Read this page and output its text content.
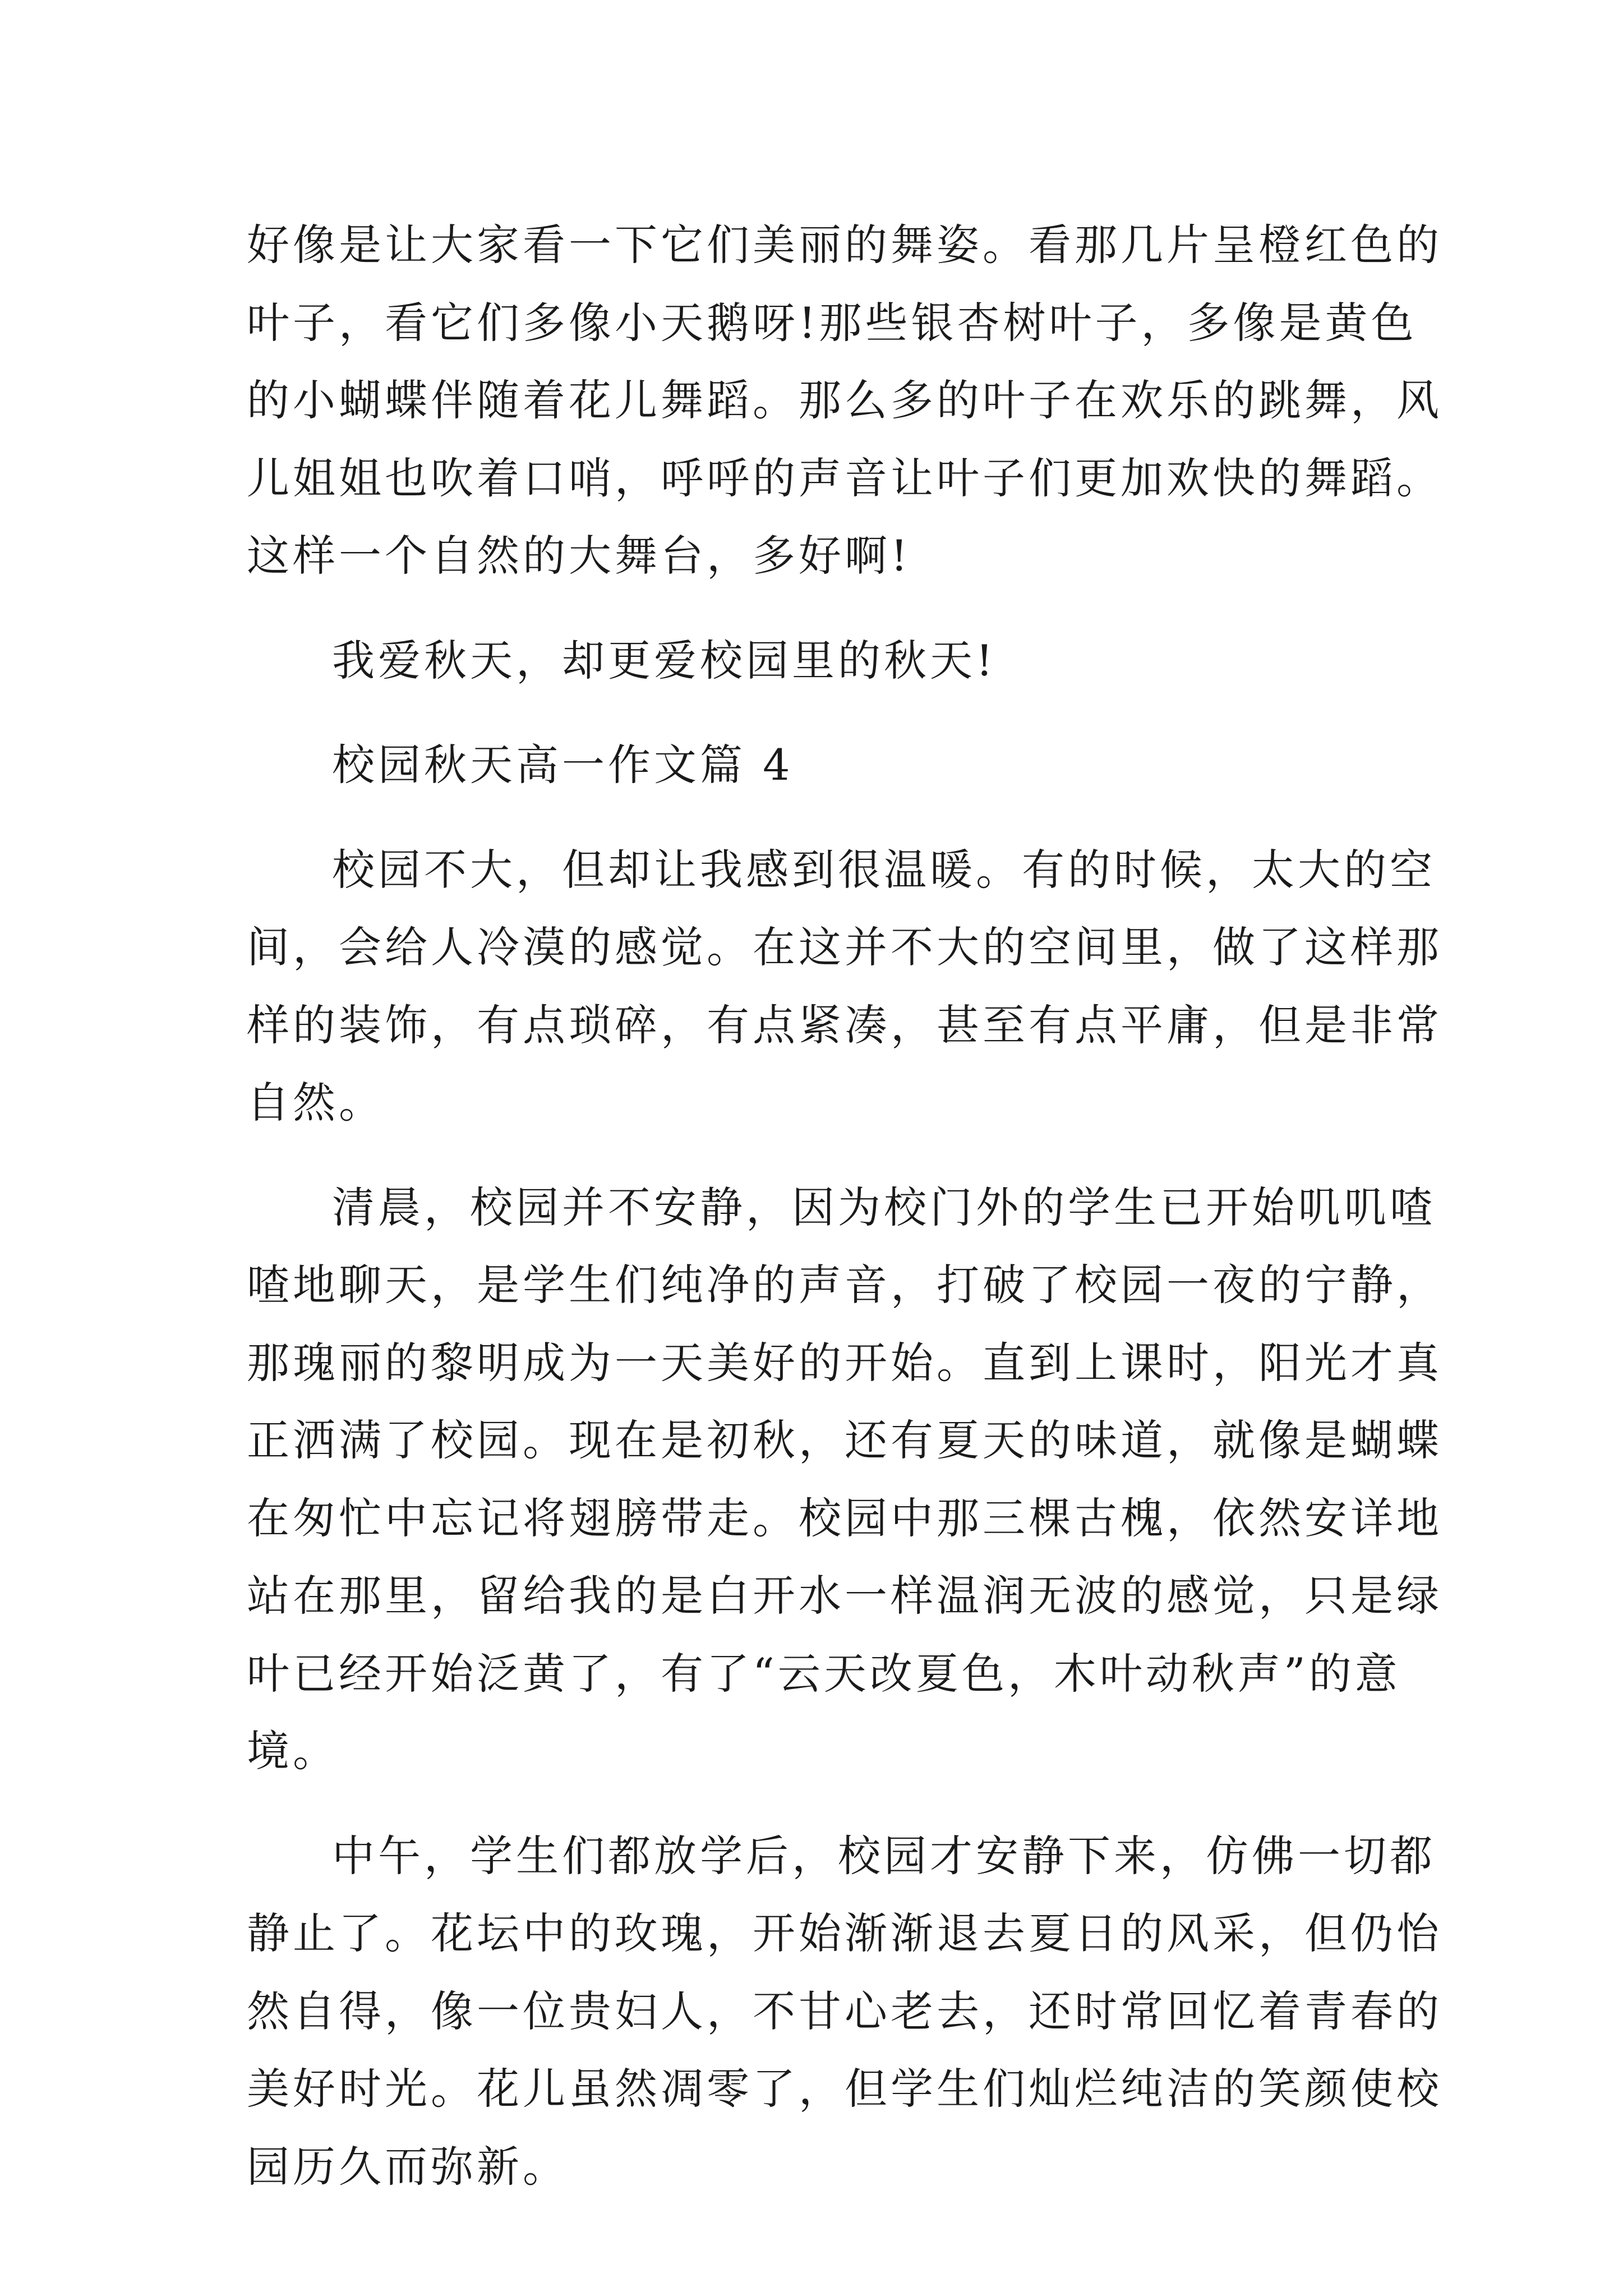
好像是让大家看一下它们美丽的舞姿。看那几片呈橙红色的
叶子，看它们多像小天鹅呀!那些银杏树叶子，多像是黄色
的小蝴蝶伴随着花儿舞蹈。那么多的叶子在欢乐的跳舞，风
儿姐姐也吹着口哨，呼呼的声音让叶子们更加欢快的舞蹈。
这样一个自然的大舞台，多好啊!
我爱秋天，却更爱校园里的秋天!
校园秋天高一作文篇 4
校园不大，但却让我感到很温暖。有的时候，太大的空
间，会给人冷漠的感觉。在这并不大的空间里，做了这样那
样的装饰，有点琐碎，有点紧凑，甚至有点平庸，但是非常
自然。
清晨，校园并不安静，因为校门外的学生已开始叽叽喳
喳地聊天，是学生们纯净的声音，打破了校园一夜的宁静，
那瑰丽的黎明成为一天美好的开始。直到上课时，阳光才真
正洒满了校园。现在是初秋，还有夏天的味道，就像是蝴蝶
在匆忙中忘记将翅膀带走。校园中那三棵古槐，依然安详地
站在那里，留给我的是白开水一样温润无波的感觉，只是绿
叶已经开始泛黄了，有了“云天改夏色，木叶动秋声”的意
境。
中午，学生们都放学后，校园才安静下来，仿佛一切都
静止了。花坛中的玫瑰，开始渐渐退去夏日的风采，但仍怡
然自得，像一位贵妇人，不甘心老去，还时常回忆着青春的
美好时光。花儿虽然凋零了，但学生们灿烂纯洁的笑颜使校
园历久而弥新。
